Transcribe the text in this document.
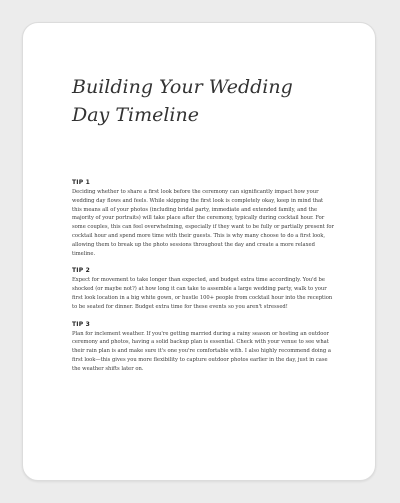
Building Your Wedding Day Timeline
TIP 1

Deciding whether to share a first look before the ceremony can significantly impact how your wedding day flows and feels. While skipping the first look is completely okay, keep in mind that this means all of your photos (including bridal party, immediate and extended family, and the majority of your portraits) will take place after the ceremony, typically during cocktail hour. For some couples, this can feel overwhelming, especially if they want to be fully or partially present for cocktail hour and spend more time with their guests. This is why many choose to do a first look, allowing them to break up the photo sessions throughout the day and create a more relaxed timeline.

TIP 2

Expect for movement to take longer than expected, and budget extra time accordingly. You'd be shocked (or maybe not?) at how long it can take to assemble a large wedding party, walk to your first look location in a big white gown, or hustle 100+ people from cocktail hour into the reception to be seated for dinner. Budget extra time for these events so you aren't stressed!

TIP 3

Plan for inclement weather. If you're getting married during a rainy season or hosting an outdoor ceremony and photos, having a solid backup plan is essential. Check with your venue to see what their rain plan is and make sure it's one you're comfortable with. I also highly recommend doing a first look—this gives you more flexibility to capture outdoor photos earlier in the day, just in case the weather shifts later on.
